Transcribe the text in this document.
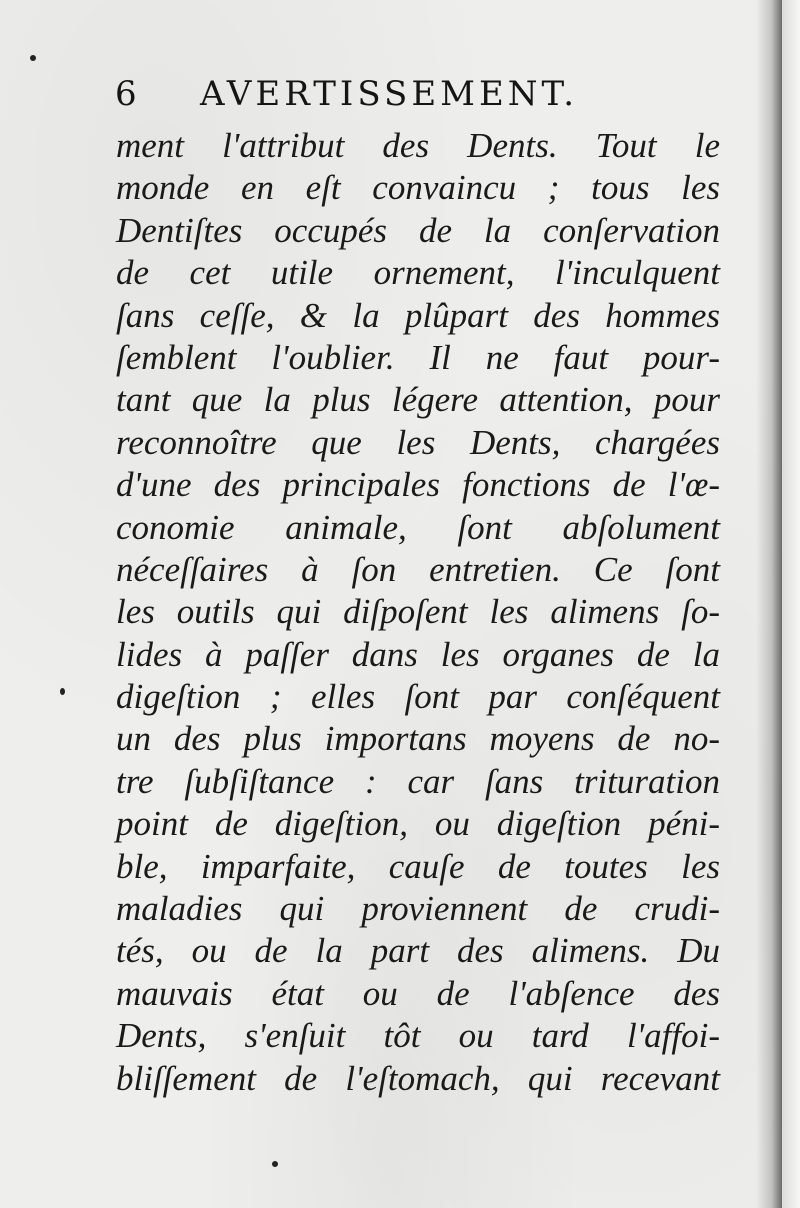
6 AVERTISSEMENT.
ment l'attribut des Dents. Tout le
monde en eſt convaincu ; tous les
Dentiſtes occupés de la conſervation
de cet utile ornement, l'inculquent
ſans ceſſe, & la plûpart des hommes
ſemblent l'oublier. Il ne faut pour-
tant que la plus légere attention, pour
reconnoître que les Dents, chargées
d'une des principales fonctions de l'œ-
conomie animale, ſont abſolument
néceſſaires à ſon entretien. Ce ſont
les outils qui diſpoſent les alimens ſo-
lides à paſſer dans les organes de la
digeſtion ; elles ſont par conſéquent
un des plus importans moyens de no-
tre ſubſiſtance : car ſans trituration
point de digeſtion, ou digeſtion péni-
ble, imparfaite, cauſe de toutes les
maladies qui proviennent de crudi-
tés, ou de la part des alimens. Du
mauvais état ou de l'abſence des
Dents, s'enſuit tôt ou tard l'affoi-
bliſſement de l'eſtomach, qui recevant
